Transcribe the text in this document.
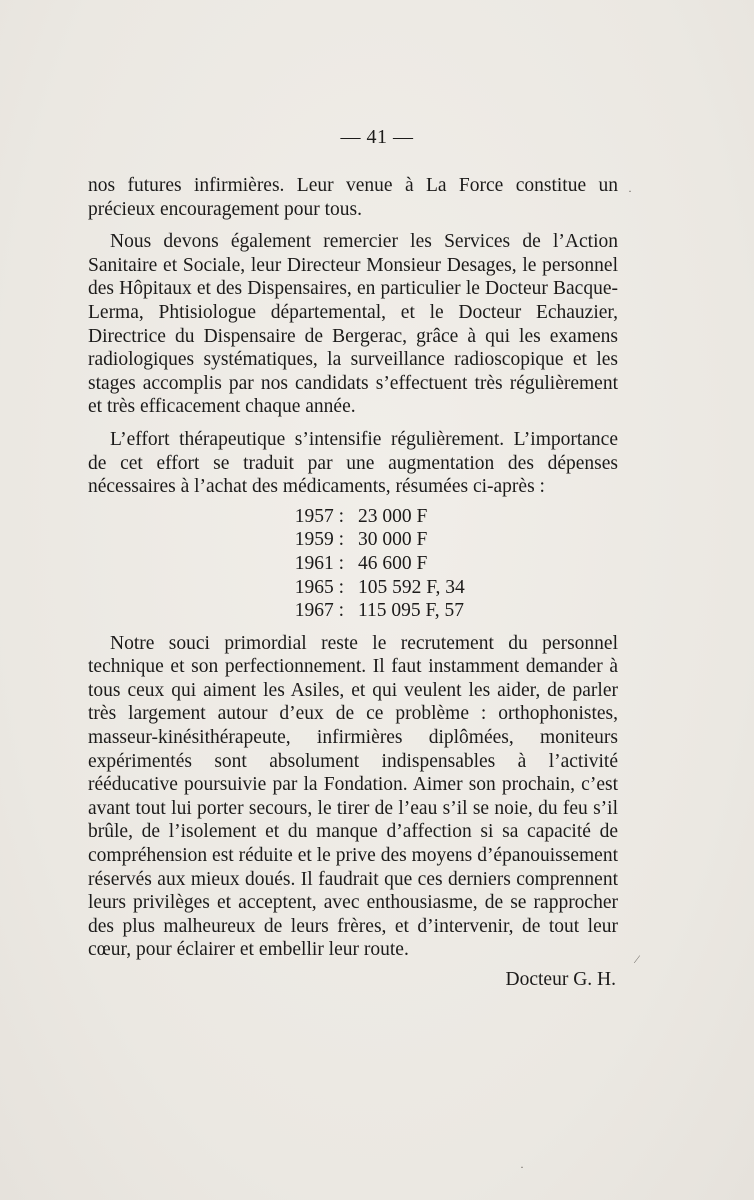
— 41 —

nos futures infirmières. Leur venue à La Force constitue un précieux encouragement pour tous.

Nous devons également remercier les Services de l’Action Sanitaire et Sociale, leur Directeur Monsieur Desages, le personnel des Hôpitaux et des Dispensaires, en particulier le Docteur Bacque-Lerma, Phtisiologue départemental, et le Docteur Echauzier, Directrice du Dispensaire de Bergerac, grâce à qui les examens radiologiques systématiques, la surveillance radioscopique et les stages accomplis par nos candidats s’effectuent très régulièrement et très efficacement chaque année.

L’effort thérapeutique s’intensifie régulièrement. L’importance de cet effort se traduit par une augmentation des dépenses nécessaires à l’achat des médicaments, résumées ci-après :

1957 :	23 000 F
1959 :	30 000 F
1961 :	46 600 F
1965 :	105 592 F, 34
1967 :	115 095 F, 57

Notre souci primordial reste le recrutement du personnel technique et son perfectionnement. Il faut instamment demander à tous ceux qui aiment les Asiles, et qui veulent les aider, de parler très largement autour d’eux de ce problème : orthophonistes, masseur-kinésithérapeute, infirmières diplômées, moniteurs expérimentés sont absolument indispensables à l’activité rééducative poursuivie par la Fondation. Aimer son prochain, c’est avant tout lui porter secours, le tirer de l’eau s’il se noie, du feu s’il brûle, de l’isolement et du manque d’affection si sa capacité de compréhension est réduite et le prive des moyens d’épanouissement réservés aux mieux doués. Il faudrait que ces derniers comprennent leurs privilèges et acceptent, avec enthousiasme, de se rapprocher des plus malheureux de leurs frères, et d’intervenir, de tout leur cœur, pour éclairer et embellir leur route.

Docteur G. H.
·
⁄
·
